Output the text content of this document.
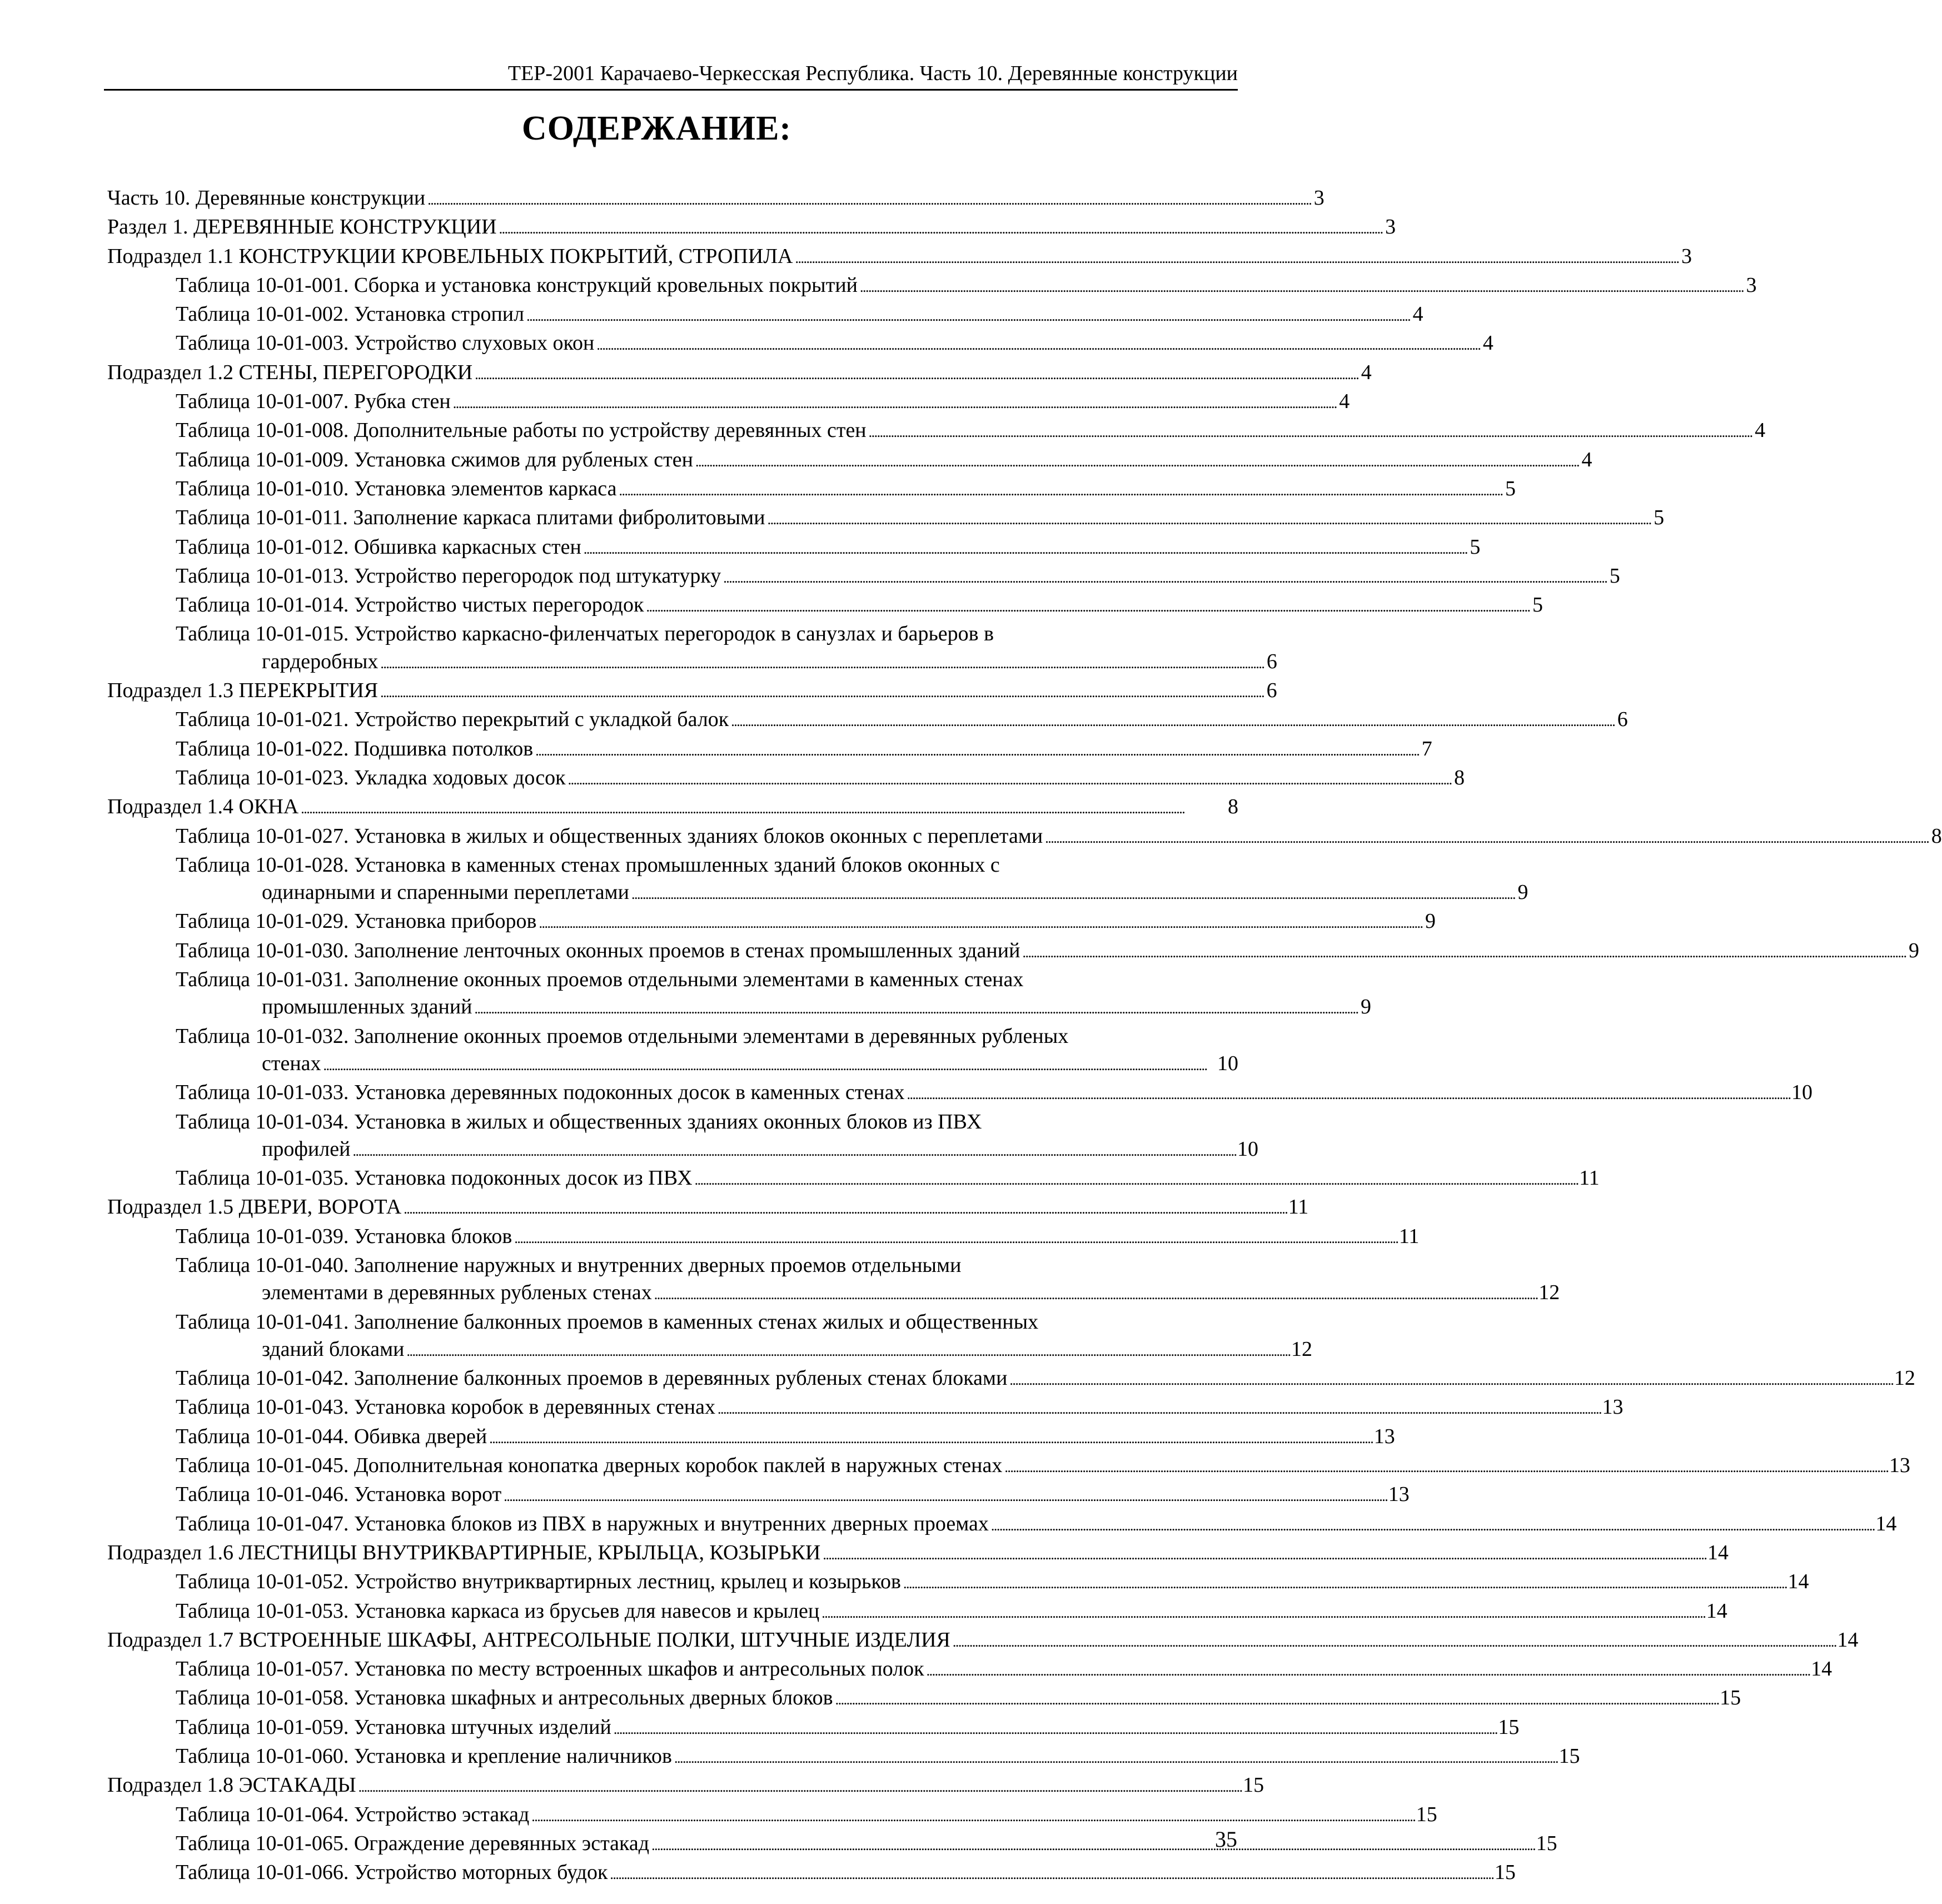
ТЕР-2001 Карачаево-Черкесская Республика. Часть 10. Деревянные конструкции
СОДЕРЖАНИЕ:
Часть 10. Деревянные конструкции . . .	3
Раздел 1. ДЕРЕВЯННЫЕ КОНСТРУКЦИИ . . .	3
Подраздел 1.1 КОНСТРУКЦИИ КРОВЕЛЬНЫХ ПОКРЫТИЙ, СТРОПИЛА . . .	3
Таблица 10-01-001. Сборка и установка конструкций кровельных покрытий . . .	3
Таблица 10-01-002. Установка стропил . . .	4
Таблица 10-01-003. Устройство слуховых окон . . .	4
Подраздел 1.2 СТЕНЫ, ПЕРЕГОРОДКИ . . .	4
Таблица 10-01-007. Рубка стен . . .	4
Таблица 10-01-008. Дополнительные работы по устройству деревянных стен . . .	4
Таблица 10-01-009. Установка сжимов для рубленых стен . . .	4
Таблица 10-01-010. Установка элементов каркаса . . .	5
Таблица 10-01-011. Заполнение каркаса плитами фибролитовыми . . .	5
Таблица 10-01-012. Обшивка каркасных стен . . .	5
Таблица 10-01-013. Устройство перегородок под штукатурку . . .	5
Таблица 10-01-014. Устройство чистых перегородок . . .	5
Таблица 10-01-015. Устройство каркасно-филенчатых перегородок в санузлах и барьеров в
гардеробных . . .	6
Подраздел 1.3 ПЕРЕКРЫТИЯ . . .	6
Таблица 10-01-021. Устройство перекрытий с укладкой балок . . .	6
Таблица 10-01-022. Подшивка потолков . . .	7
Таблица 10-01-023. Укладка ходовых досок . . .	8
Подраздел 1.4 ОКНА . . .	8
Таблица 10-01-027. Установка в жилых и общественных зданиях блоков оконных с переплетами . . .	8
Таблица 10-01-028. Установка в каменных стенах промышленных зданий блоков оконных с
одинарными и спаренными переплетами . . .	9
Таблица 10-01-029. Установка приборов . . .	9
Таблица 10-01-030. Заполнение ленточных оконных проемов в стенах промышленных зданий . . .	9
Таблица 10-01-031. Заполнение оконных проемов отдельными элементами в каменных стенах
промышленных зданий . . .	9
Таблица 10-01-032. Заполнение оконных проемов отдельными элементами в деревянных рубленых
стенах . . .	10
Таблица 10-01-033. Установка деревянных подоконных досок в каменных стенах . . .	10
Таблица 10-01-034. Установка в жилых и общественных зданиях оконных блоков из ПВХ
профилей . . .	10
Таблица 10-01-035. Установка подоконных досок из ПВХ . . .	11
Подраздел 1.5 ДВЕРИ, ВОРОТА . . .	11
Таблица 10-01-039. Установка блоков . . .	11
Таблица 10-01-040. Заполнение наружных и внутренних дверных проемов отдельными
элементами в деревянных рубленых стенах . . .	12
Таблица 10-01-041. Заполнение балконных проемов в каменных стенах жилых и общественных
зданий блоками . . .	12
Таблица 10-01-042. Заполнение балконных проемов в деревянных рубленых стенах блоками . . .	12
Таблица 10-01-043. Установка коробок в деревянных стенах . . .	13
Таблица 10-01-044. Обивка дверей . . .	13
Таблица 10-01-045. Дополнительная конопатка дверных коробок паклей в наружных стенах . . .	13
Таблица 10-01-046. Установка ворот . . .	13
Таблица 10-01-047. Установка блоков из ПВХ в наружных и внутренних дверных проемах . . .	14
Подраздел 1.6 ЛЕСТНИЦЫ ВНУТРИКВАРТИРНЫЕ, КРЫЛЬЦА, КОЗЫРЬКИ . . .	14
Таблица 10-01-052. Устройство внутриквартирных лестниц, крылец и козырьков . . .	14
Таблица 10-01-053. Установка каркаса из брусьев для навесов и крылец . . .	14
Подраздел 1.7 ВСТРОЕННЫЕ ШКАФЫ, АНТРЕСОЛЬНЫЕ ПОЛКИ, ШТУЧНЫЕ ИЗДЕЛИЯ . . .	14
Таблица 10-01-057. Установка по месту встроенных шкафов и антресольных полок . . .	14
Таблица 10-01-058. Установка шкафных и антресольных дверных блоков . . .	15
Таблица 10-01-059. Установка штучных изделий . . .	15
Таблица 10-01-060. Установка и крепление наличников . . .	15
Подраздел 1.8 ЭСТАКАДЫ . . .	15
Таблица 10-01-064. Устройство эстакад . . .	15
Таблица 10-01-065. Ограждение деревянных эстакад . . .	15
Таблица 10-01-066. Устройство моторных будок . . .	15
35
